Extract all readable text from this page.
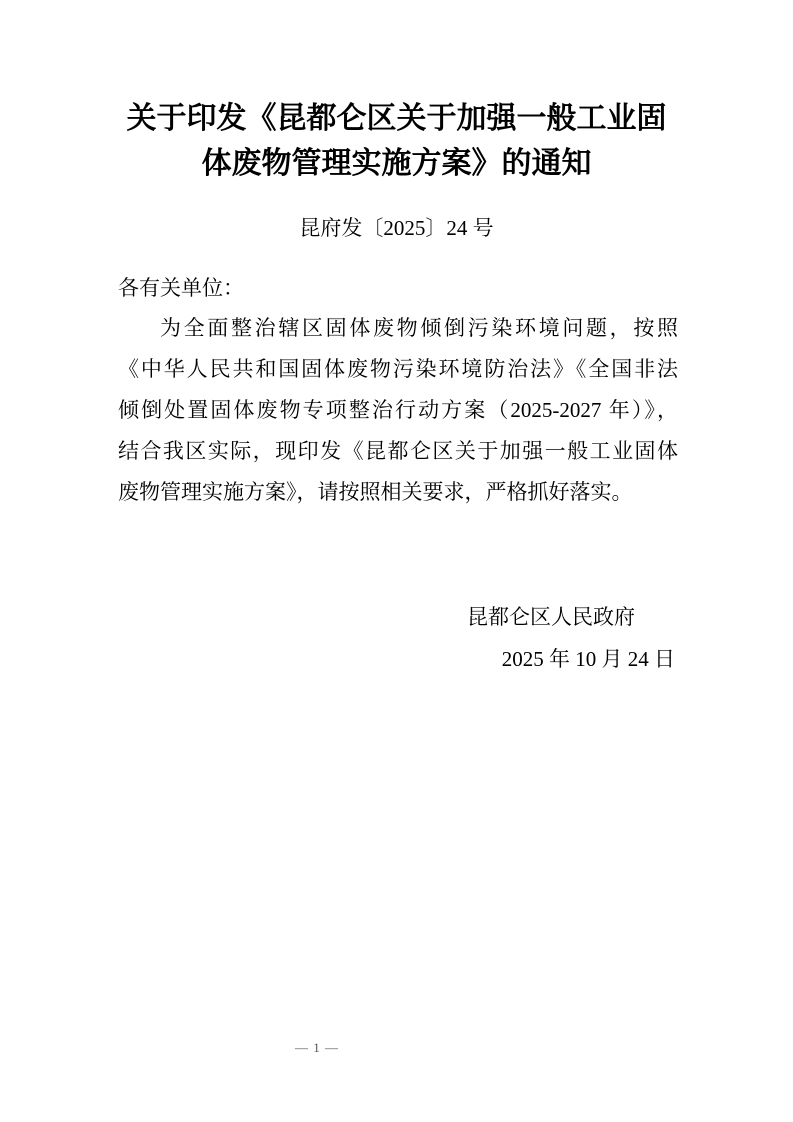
关于印发《昆都仑区关于加强一般工业固
体废物管理实施方案》的通知
昆府发〔2025〕24 号
各有关单位：
为全面整治辖区固体废物倾倒污染环境问题，按照
《中华人民共和国固体废物污染环境防治法》《全国非法
倾倒处置固体废物专项整治行动方案（2025-2027 年）》，
结合我区实际，现印发《昆都仑区关于加强一般工业固体
废物管理实施方案》，请按照相关要求，严格抓好落实。
昆都仑区人民政府
2025 年 10 月 24 日
— 1 —
